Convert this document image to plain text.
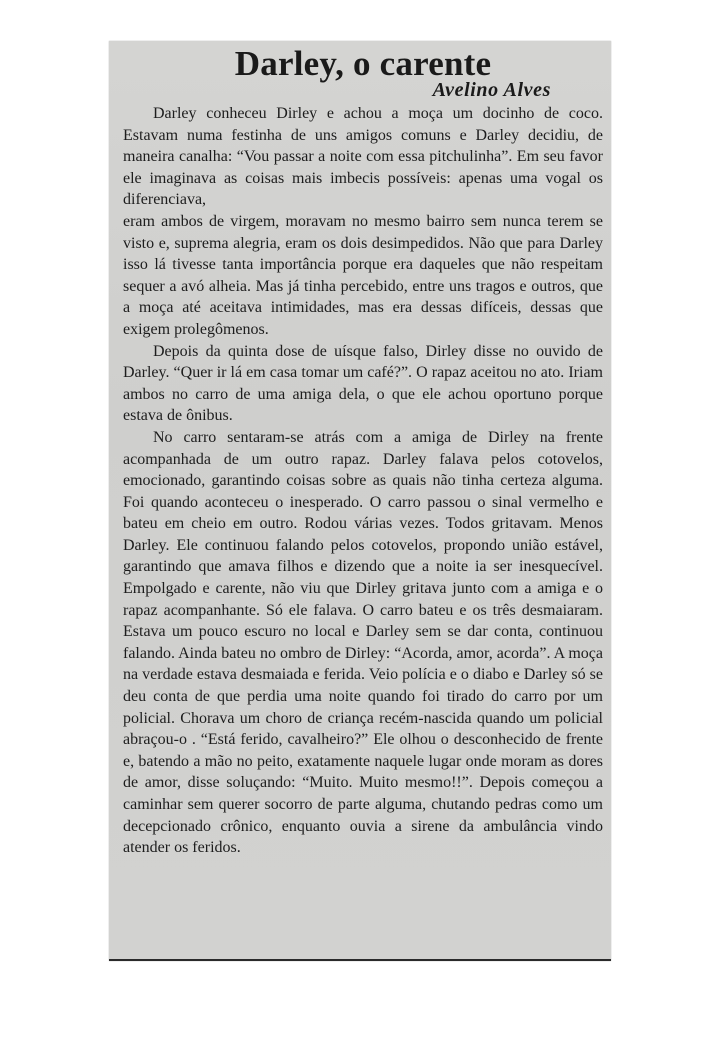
Darley, o carente
Avelino Alves

Darley conheceu Dirley e achou a moça um docinho de coco. Estavam numa festinha de uns amigos comuns e Darley decidiu, de maneira canalha: “Vou passar a noite com essa pitchulinha”. Em seu favor ele imaginava as coisas mais imbecis possíveis: apenas uma vogal os diferenciava,

eram ambos de virgem, moravam no mesmo bairro sem nunca terem se visto e, suprema alegria, eram os dois desimpedidos. Não que para Darley isso lá tivesse tanta importância porque era daqueles que não respeitam sequer a avó alheia. Mas já tinha percebido, entre uns tragos e outros, que a moça até aceitava intimidades, mas era dessas difíceis, dessas que exigem prolegômenos.

Depois da quinta dose de uísque falso, Dirley disse no ouvido de Darley. “Quer ir lá em casa tomar um café?”. O rapaz aceitou no ato. Iriam ambos no carro de uma amiga dela, o que ele achou oportuno porque estava de ônibus.

No carro sentaram-se atrás com a amiga de Dirley na frente acompanhada de um outro rapaz. Darley falava pelos cotovelos, emocionado, garantindo coisas sobre as quais não tinha certeza alguma. Foi quando aconteceu o inesperado. O carro passou o sinal vermelho e bateu em cheio em outro. Rodou várias vezes. Todos gritavam. Menos Darley. Ele continuou falando pelos cotovelos, propondo união estável, garantindo que amava filhos e dizendo que a noite ia ser inesquecível. Empolgado e carente, não viu que Dirley gritava junto com a amiga e o rapaz acompanhante. Só ele falava. O carro bateu e os três desmaiaram. Estava um pouco escuro no local e Darley sem se dar conta, continuou falando. Ainda bateu no ombro de Dirley: “Acorda, amor, acorda”. A moça na verdade estava desmaiada e ferida. Veio polícia e o diabo e Darley só se deu conta de que perdia uma noite quando foi tirado do carro por um policial. Chorava um choro de criança recém-nascida quando um policial abraçou-o . “Está ferido, cavalheiro?” Ele olhou o desconhecido de frente e, batendo a mão no peito, exatamente naquele lugar onde moram as dores de amor, disse soluçando: “Muito. Muito mesmo!!”. Depois começou a caminhar sem querer socorro de parte alguma, chutando pedras como um decepcionado crônico, enquanto ouvia a sirene da ambulância vindo atender os feridos.
